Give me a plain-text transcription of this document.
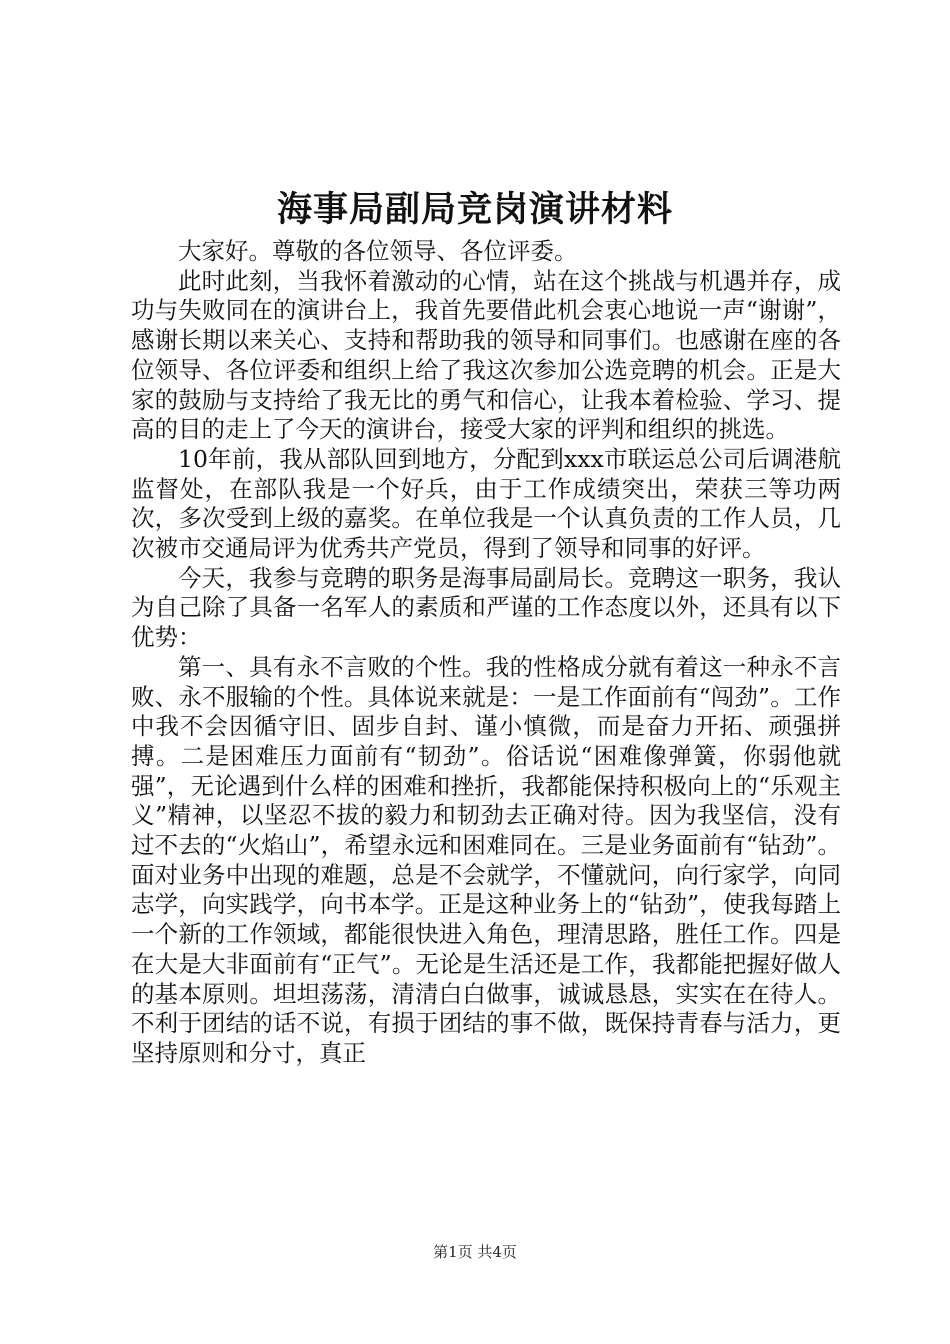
海事局副局竞岗演讲材料

大家好。尊敬的各位领导、各位评委。

此时此刻，当我怀着激动的心情，站在这个挑战与机遇并存，成功与失败同在的演讲台上，我首先要借此机会衷心地说一声“谢谢”，感谢长期以来关心、支持和帮助我的领导和同事们。也感谢在座的各位领导、各位评委和组织上给了我这次参加公选竞聘的机会。正是大家的鼓励与支持给了我无比的勇气和信心，让我本着检验、学习、提高的目的走上了今天的演讲台，接受大家的评判和组织的挑选。

10年前，我从部队回到地方，分配到xxx市联运总公司后调港航监督处，在部队我是一个好兵，由于工作成绩突出，荣获三等功两次，多次受到上级的嘉奖。在单位我是一个认真负责的工作人员，几次被市交通局评为优秀共产党员，得到了领导和同事的好评。

今天，我参与竞聘的职务是海事局副局长。竞聘这一职务，我认为自己除了具备一名军人的素质和严谨的工作态度以外，还具有以下优势：

第一、具有永不言败的个性。我的性格成分就有着这一种永不言败、永不服输的个性。具体说来就是：一是工作面前有“闯劲”。工作中我不会因循守旧、固步自封、谨小慎微，而是奋力开拓、顽强拼搏。二是困难压力面前有“韧劲”。俗话说“困难像弹簧，你弱他就强”，无论遇到什么样的困难和挫折，我都能保持积极向上的“乐观主义”精神，以坚忍不拔的毅力和韧劲去正确对待。因为我坚信，没有过不去的“火焰山”，希望永远和困难同在。三是业务面前有“钻劲”。面对业务中出现的难题，总是不会就学，不懂就问，向行家学，向同志学，向实践学，向书本学。正是这种业务上的“钻劲”，使我每踏上一个新的工作领域，都能很快进入角色，理清思路，胜任工作。四是在大是大非面前有“正气”。无论是生活还是工作，我都能把握好做人的基本原则。坦坦荡荡，清清白白做事，诚诚恳恳，实实在在待人。不利于团结的话不说，有损于团结的事不做，既保持青春与活力，更坚持原则和分寸，真正

第1页 共4页
